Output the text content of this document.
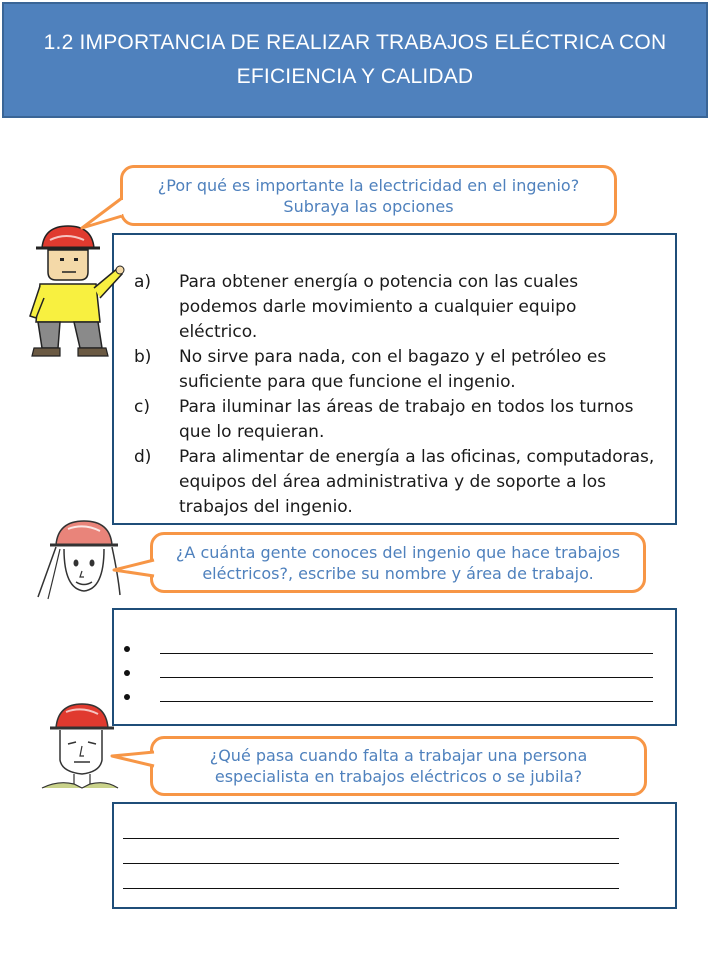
1.2 IMPORTANCIA DE REALIZAR TRABAJOS ELÉCTRICA CON
EFICIENCIA Y CALIDAD
¿Por qué es importante la electricidad en el ingenio?
Subraya las opciones
a)	Para obtener energía o potencia con las cuales podemos darle movimiento a cualquier equipo eléctrico.
b)	No sirve para nada, con el bagazo y el petróleo es suficiente para que funcione el ingenio.
c)	Para iluminar las áreas de trabajo en todos los turnos que lo requieran.
d)	Para alimentar de energía a las oficinas, computadoras, equipos del área administrativa y de soporte a los trabajos del ingenio.
¿A cuánta gente conoces del ingenio que hace trabajos
eléctricos?, escribe su nombre y área de trabajo.
¿Qué pasa cuando falta a trabajar una persona
especialista en trabajos eléctricos o se jubila?
